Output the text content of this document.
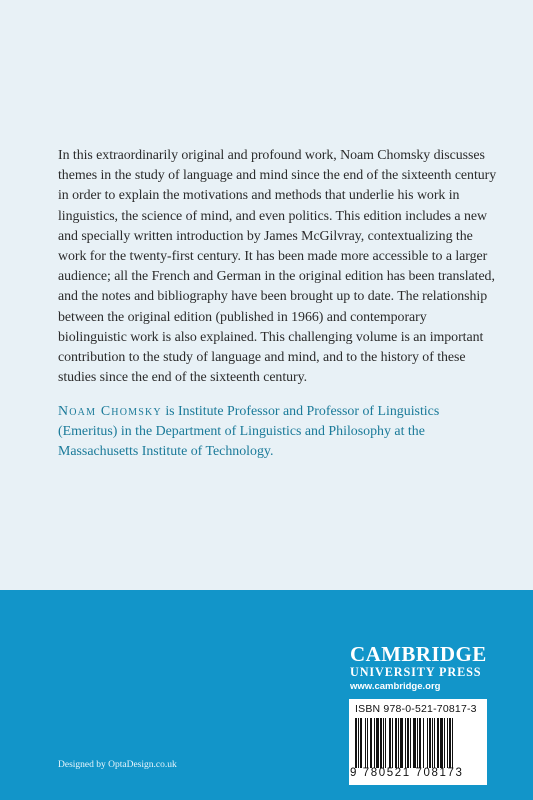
In this extraordinarily original and profound work, Noam Chomsky discusses themes in the study of language and mind since the end of the sixteenth century in order to explain the motivations and methods that underlie his work in linguistics, the science of mind, and even politics. This edition includes a new and specially written introduction by James McGilvray, contextualizing the work for the twenty-first century. It has been made more accessible to a larger audience; all the French and German in the original edition has been translated, and the notes and bibliography have been brought up to date. The relationship between the original edition (published in 1966) and contemporary biolinguistic work is also explained. This challenging volume is an important contribution to the study of language and mind, and to the history of these studies since the end of the sixteenth century.

Noam Chomsky is Institute Professor and Professor of Linguistics (Emeritus) in the Department of Linguistics and Philosophy at the Massachusetts Institute of Technology.

CAMBRIDGE
UNIVERSITY PRESS
www.cambridge.org
ISBN 978-0-521-70817-3
9 780521 708173
Designed by OptaDesign.co.uk
